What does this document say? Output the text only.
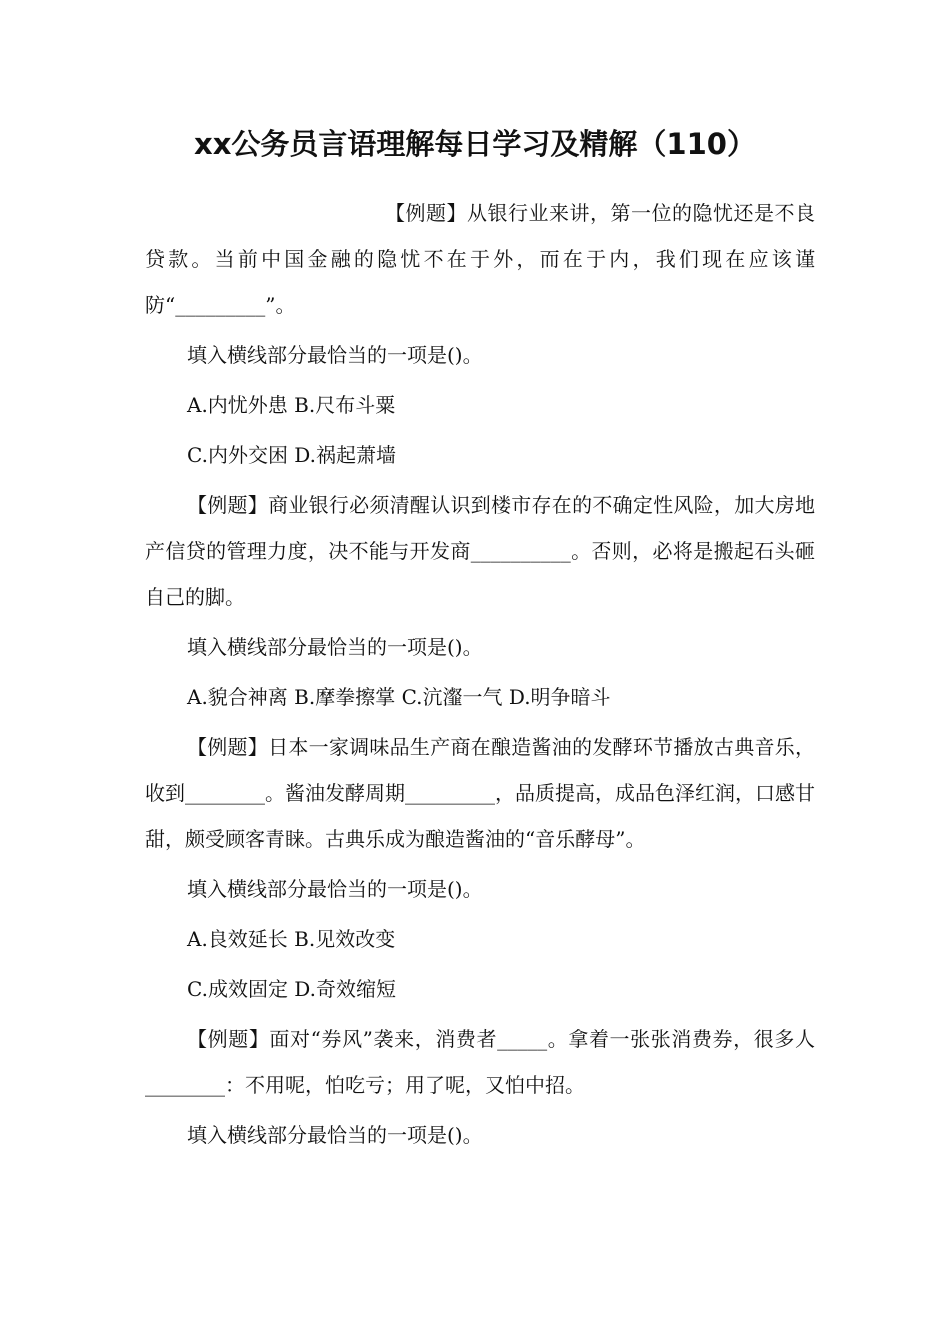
xx公务员言语理解每日学习及精解（110）

【例题】从银行业来讲，第一位的隐忧还是不良贷款。当前中国金融的隐忧不在于外，而在于内，我们现在应该谨防“_________”。

填入横线部分最恰当的一项是()。

A.内忧外患 B.尺布斗粟

C.内外交困 D.祸起萧墙

【例题】商业银行必须清醒认识到楼市存在的不确定性风险，加大房地产信贷的管理力度，决不能与开发商__________。否则，必将是搬起石头砸自己的脚。

填入横线部分最恰当的一项是()。

A.貌合神离 B.摩拳擦掌 C.沆瀣一气 D.明争暗斗

【例题】日本一家调味品生产商在酿造酱油的发酵环节播放古典音乐，收到________。酱油发酵周期_________，品质提高，成品色泽红润，口感甘甜，颇受顾客青睐。古典乐成为酿造酱油的“音乐酵母”。

填入横线部分最恰当的一项是()。

A.良效延长 B.见效改变

C.成效固定 D.奇效缩短

【例题】面对“券风”袭来，消费者_____。拿着一张张消费券，很多人________：不用呢，怕吃亏；用了呢，又怕中招。

填入横线部分最恰当的一项是()。
